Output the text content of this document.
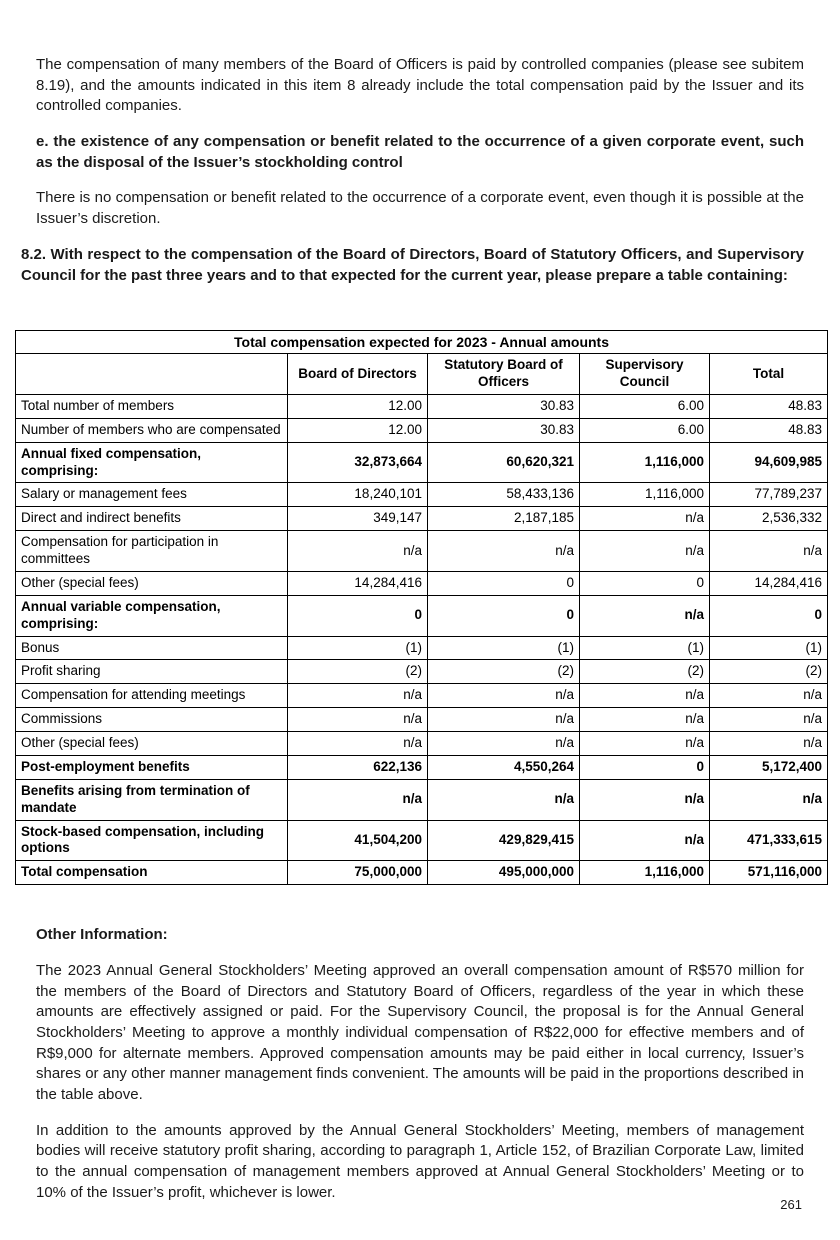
The compensation of many members of the Board of Officers is paid by controlled companies (please see subitem 8.19), and the amounts indicated in this item 8 already include the total compensation paid by the Issuer and its controlled companies.

e. the existence of any compensation or benefit related to the occurrence of a given corporate event, such as the disposal of the Issuer’s stockholding control

There is no compensation or benefit related to the occurrence of a corporate event, even though it is possible at the Issuer’s discretion.

8.2. With respect to the compensation of the Board of Directors, Board of Statutory Officers, and Supervisory Council for the past three years and to that expected for the current year, please prepare a table containing:

Total compensation expected for 2023 - Annual amounts				
	Board of Directors	Statutory Board of Officers	Supervisory Council	Total
Total number of members	12.00	30.83	6.00	48.83
Number of members who are compensated	12.00	30.83	6.00	48.83
Annual fixed compensation, comprising:	32,873,664	60,620,321	1,116,000	94,609,985
Salary or management fees	18,240,101	58,433,136	1,116,000	77,789,237
Direct and indirect benefits	349,147	2,187,185	n/a	2,536,332
Compensation for participation in committees	n/a	n/a	n/a	n/a
Other (special fees)	14,284,416	0	0	14,284,416
Annual variable compensation, comprising:	0	0	n/a	0
Bonus	(1)	(1)	(1)	(1)
Profit sharing	(2)	(2)	(2)	(2)
Compensation for attending meetings	n/a	n/a	n/a	n/a
Commissions	n/a	n/a	n/a	n/a
Other (special fees)	n/a	n/a	n/a	n/a
Post-employment benefits	622,136	4,550,264	0	5,172,400
Benefits arising from termination of mandate	n/a	n/a	n/a	n/a
Stock-based compensation, including options	41,504,200	429,829,415	n/a	471,333,615
Total compensation	75,000,000	495,000,000	1,116,000	571,116,000

Other Information:

The 2023 Annual General Stockholders’ Meeting approved an overall compensation amount of R$570 million for the members of the Board of Directors and Statutory Board of Officers, regardless of the year in which these amounts are effectively assigned or paid. For the Supervisory Council, the proposal is for the Annual General Stockholders’ Meeting to approve a monthly individual compensation of R$22,000 for effective members and of R$9,000 for alternate members. Approved compensation amounts may be paid either in local currency, Issuer’s shares or any other manner management finds convenient. The amounts will be paid in the proportions described in the table above.

In addition to the amounts approved by the Annual General Stockholders’ Meeting, members of management bodies will receive statutory profit sharing, according to paragraph 1, Article 152, of Brazilian Corporate Law, limited to the annual compensation of management members approved at Annual General Stockholders’ Meeting or to 10% of the Issuer’s profit, whichever is lower.

261
